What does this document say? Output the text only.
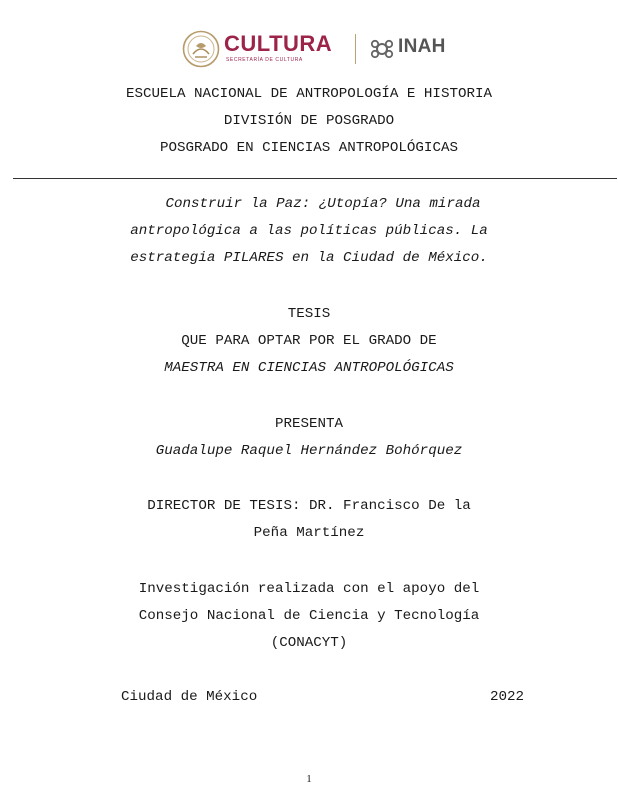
CULTURA
SECRETARÍA DE CULTURA
INAH
ESCUELA NACIONAL DE ANTROPOLOGÍA E HISTORIA
DIVISIÓN DE POSGRADO
POSGRADO EN CIENCIAS ANTROPOLÓGICAS
Construir la Paz: ¿Utopía? Una mirada
antropológica a las políticas públicas. La
estrategia PILARES en la Ciudad de México.
TESIS
QUE PARA OPTAR POR EL GRADO DE
MAESTRA EN CIENCIAS ANTROPOLÓGICAS
PRESENTA
Guadalupe Raquel Hernández Bohórquez
DIRECTOR DE TESIS: DR. Francisco De la
Peña Martínez
Investigación realizada con el apoyo del
Consejo Nacional de Ciencia y Tecnología
(CONACYT)
Ciudad de México	2022
1
